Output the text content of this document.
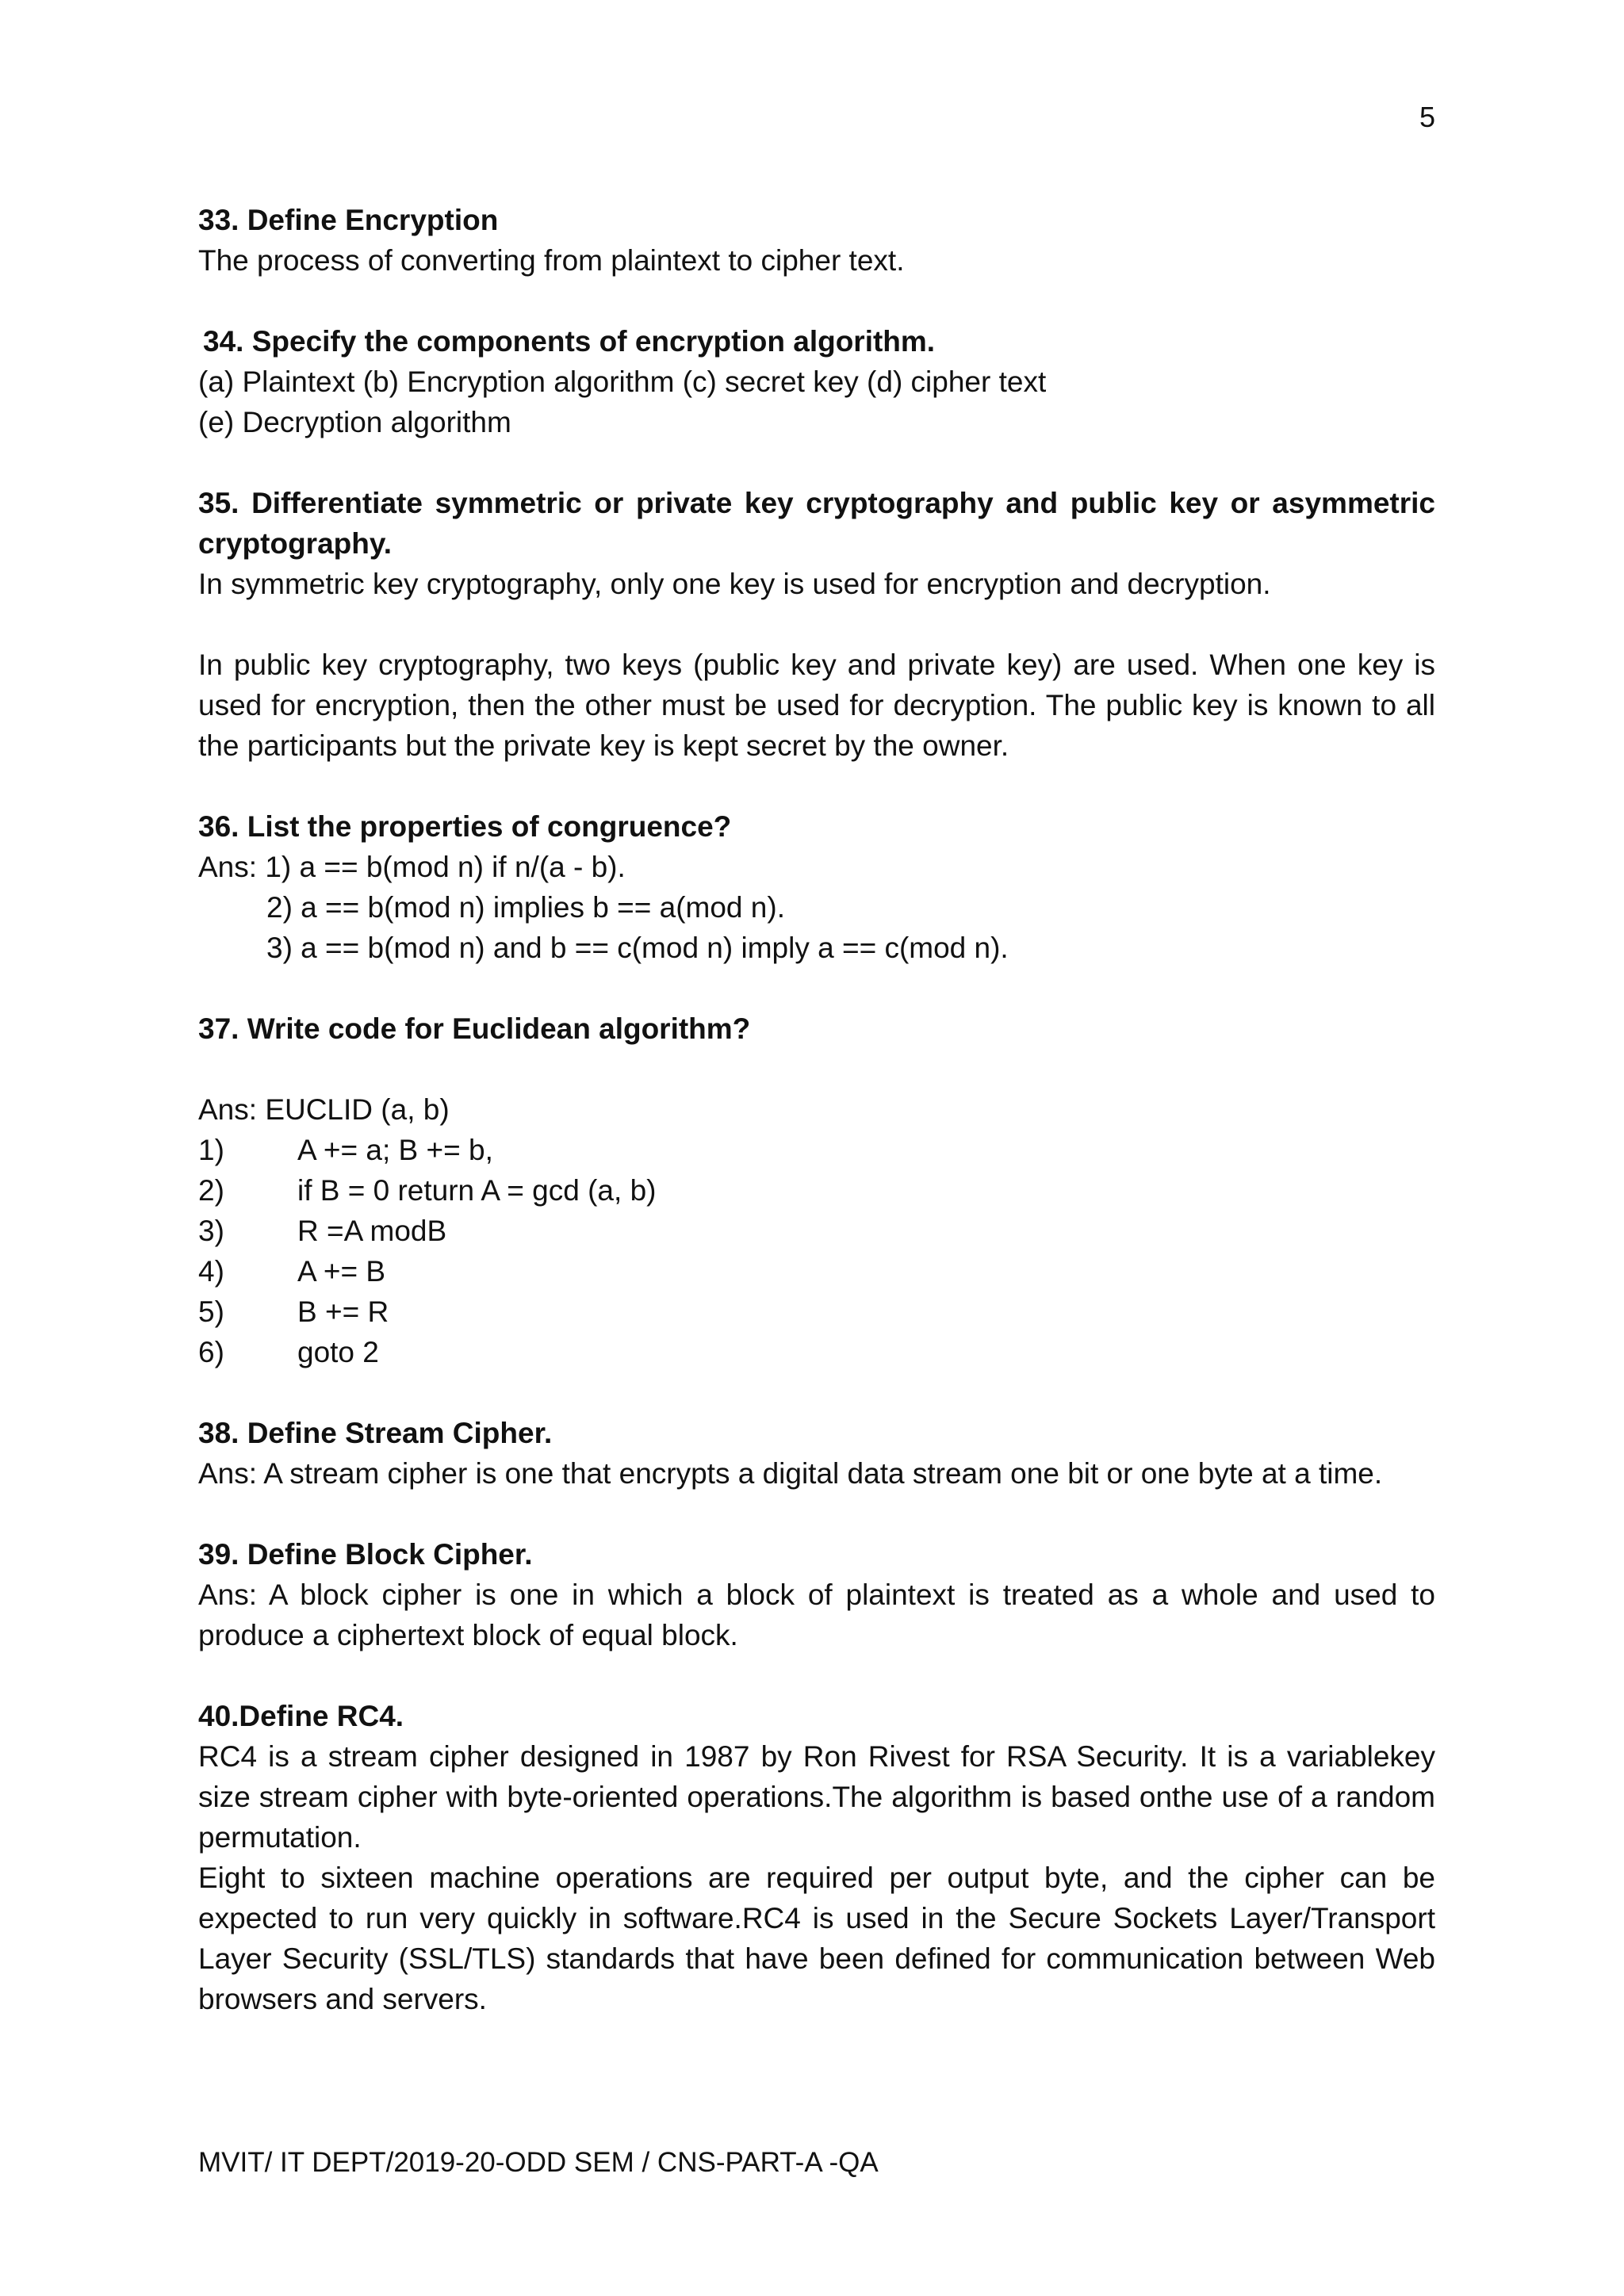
5

33. Define Encryption

The process of converting from plaintext to cipher text.

34. Specify the components of encryption algorithm.

(a) Plaintext (b) Encryption algorithm (c) secret key (d) cipher text

(e) Decryption algorithm

35. Differentiate symmetric or private key cryptography and public key or asymmetric cryptography.

In symmetric key cryptography, only one key is used for encryption and decryption.

In public key cryptography, two keys (public key and private key) are used. When one key is used for encryption, then the other must be used for decryption. The public key is known to all the participants but the private key is kept secret by the owner.

36. List the properties of congruence?

Ans: 1) a == b(mod n) if n/(a - b).

2) a == b(mod n) implies b == a(mod n).

3) a == b(mod n) and b == c(mod n) imply a == c(mod n).

37. Write code for Euclidean algorithm?

Ans: EUCLID (a, b)

1)	A += a; B += b,
2)	if B = 0 return A = gcd (a, b)
3)	R =A modB
4)	A += B
5)	B += R
6)	goto 2

38. Define Stream Cipher.

Ans: A stream cipher is one that encrypts a digital data stream one bit or one byte at a time.

39. Define Block Cipher.

Ans: A block cipher is one in which a block of plaintext is treated as a whole and used to produce a ciphertext block of equal block.

40.Define RC4.

RC4 is a stream cipher designed in 1987 by Ron Rivest for RSA Security. It is a variablekey size stream cipher with byte-oriented operations.The algorithm is based onthe use of a random permutation.

Eight to sixteen machine operations are required per output byte, and the cipher can be expected to run very quickly in software.RC4 is used in the Secure Sockets Layer/Transport Layer Security (SSL/TLS) standards that have been defined for communication between Web browsers and servers.

MVIT/ IT DEPT/2019-20-ODD SEM / CNS-PART-A -QA
